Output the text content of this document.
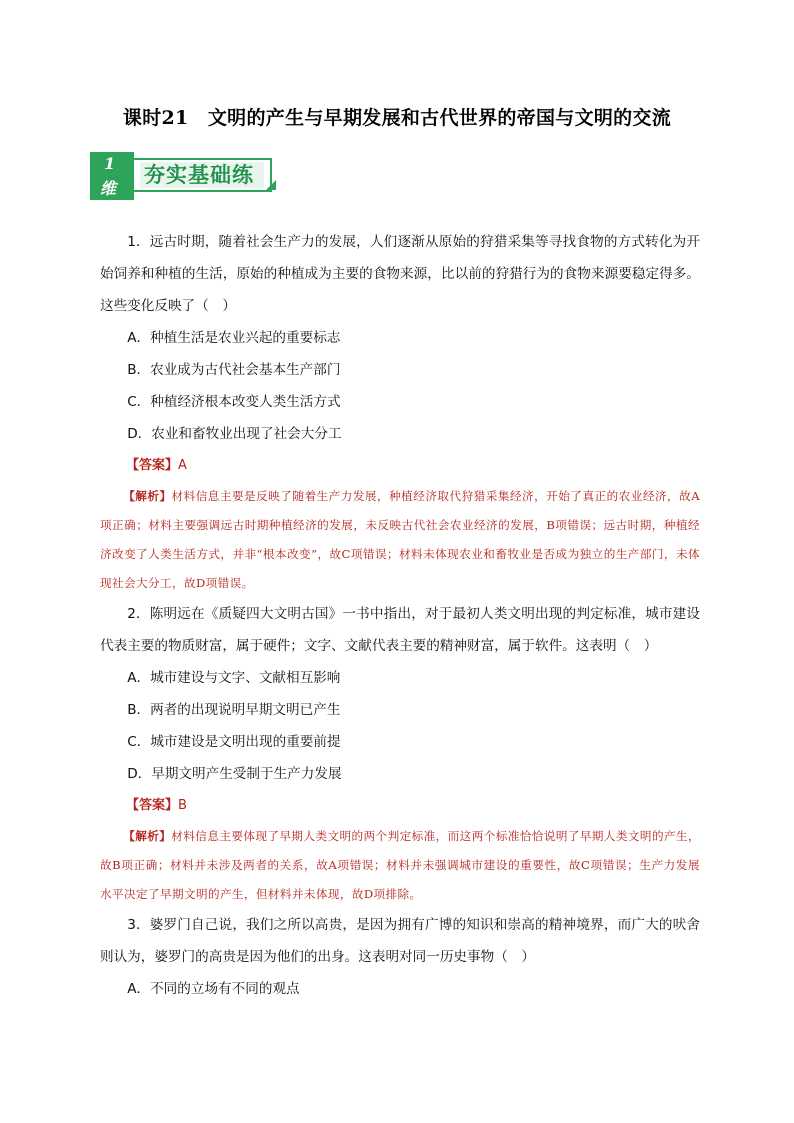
课时21　文明的产生与早期发展和古代世界的帝国与文明的交流
1
维
夯实基础练

1．远古时期，随着社会生产力的发展，人们逐渐从原始的狩猎采集等寻找食物的方式转化为开始饲养和种植的生活，原始的种植成为主要的食物来源，比以前的狩猎行为的食物来源要稳定得多。这些变化反映了（　）

A．种植生活是农业兴起的重要标志

B．农业成为古代社会基本生产部门

C．种植经济根本改变人类生活方式

D．农业和畜牧业出现了社会大分工

【答案】A

【解析】材料信息主要是反映了随着生产力发展，种植经济取代狩猎采集经济，开始了真正的农业经济，故A项正确；材料主要强调远古时期种植经济的发展，未反映古代社会农业经济的发展，B项错误；远古时期，种植经济改变了人类生活方式，并非“根本改变”，故C项错误；材料未体现农业和畜牧业是否成为独立的生产部门，未体现社会大分工，故D项错误。

2．陈明远在《质疑四大文明古国》一书中指出，对于最初人类文明出现的判定标准，城市建设代表主要的物质财富，属于硬件；文字、文献代表主要的精神财富，属于软件。这表明（　）

A．城市建设与文字、文献相互影响

B．两者的出现说明早期文明已产生

C．城市建设是文明出现的重要前提

D．早期文明产生受制于生产力发展

【答案】B

【解析】材料信息主要体现了早期人类文明的两个判定标准，而这两个标准恰恰说明了早期人类文明的产生，故B项正确；材料并未涉及两者的关系，故A项错误；材料并未强调城市建设的重要性，故C项错误；生产力发展水平决定了早期文明的产生，但材料并未体现，故D项排除。

3．婆罗门自己说，我们之所以高贵，是因为拥有广博的知识和崇高的精神境界，而广大的吠舍则认为，婆罗门的高贵是因为他们的出身。这表明对同一历史事物（　）

A．不同的立场有不同的观点
